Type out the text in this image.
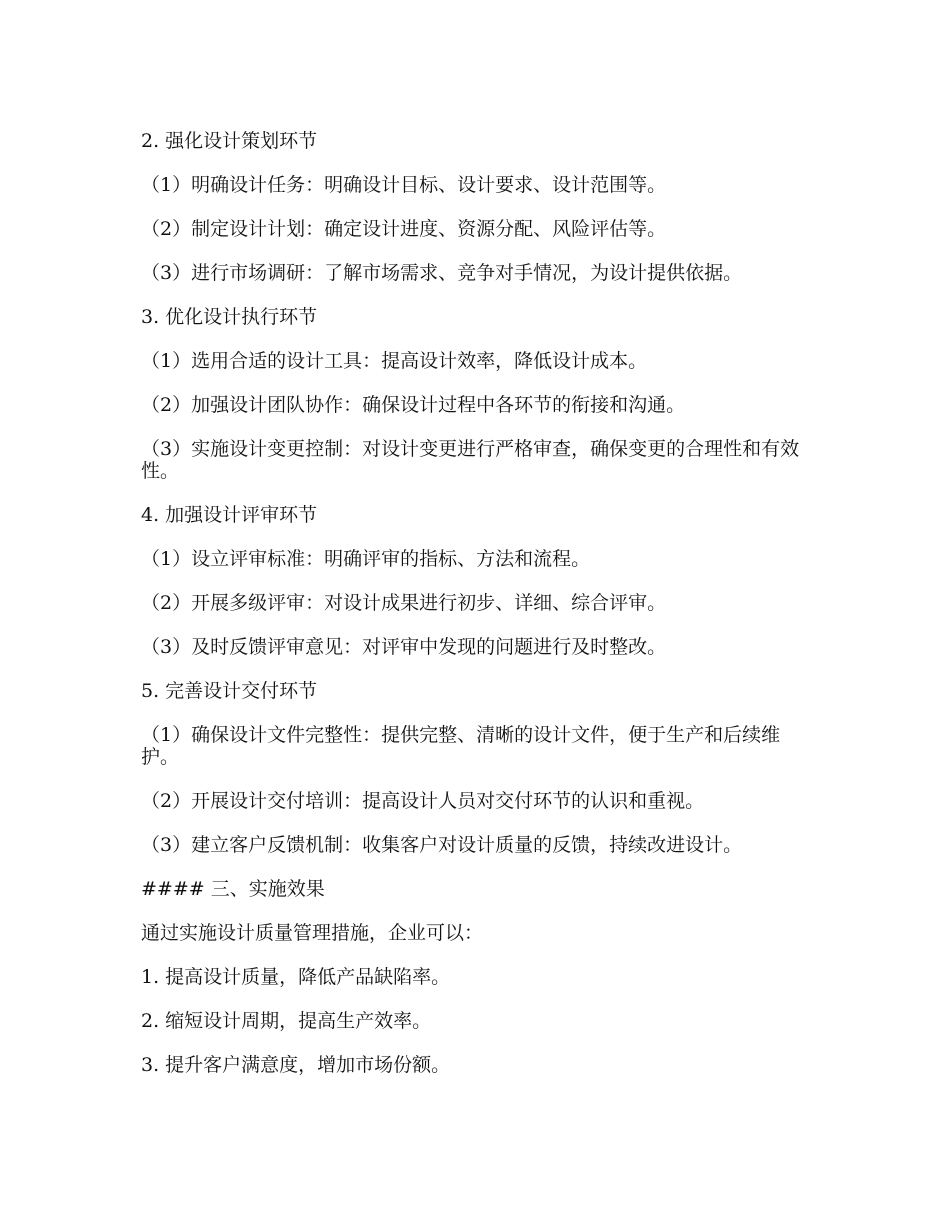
2. 强化设计策划环节

（1）明确设计任务：明确设计目标、设计要求、设计范围等。

（2）制定设计计划：确定设计进度、资源分配、风险评估等。

（3）进行市场调研：了解市场需求、竞争对手情况，为设计提供依据。

3. 优化设计执行环节

（1）选用合适的设计工具：提高设计效率，降低设计成本。

（2）加强设计团队协作：确保设计过程中各环节的衔接和沟通。

（3）实施设计变更控制：对设计变更进行严格审查，确保变更的合理性和有效性。

4. 加强设计评审环节

（1）设立评审标准：明确评审的指标、方法和流程。

（2）开展多级评审：对设计成果进行初步、详细、综合评审。

（3）及时反馈评审意见：对评审中发现的问题进行及时整改。

5. 完善设计交付环节

（1）确保设计文件完整性：提供完整、清晰的设计文件，便于生产和后续维护。

（2）开展设计交付培训：提高设计人员对交付环节的认识和重视。

（3）建立客户反馈机制：收集客户对设计质量的反馈，持续改进设计。

#### 三、实施效果

通过实施设计质量管理措施，企业可以：

1. 提高设计质量，降低产品缺陷率。

2. 缩短设计周期，提高生产效率。

3. 提升客户满意度，增加市场份额。
